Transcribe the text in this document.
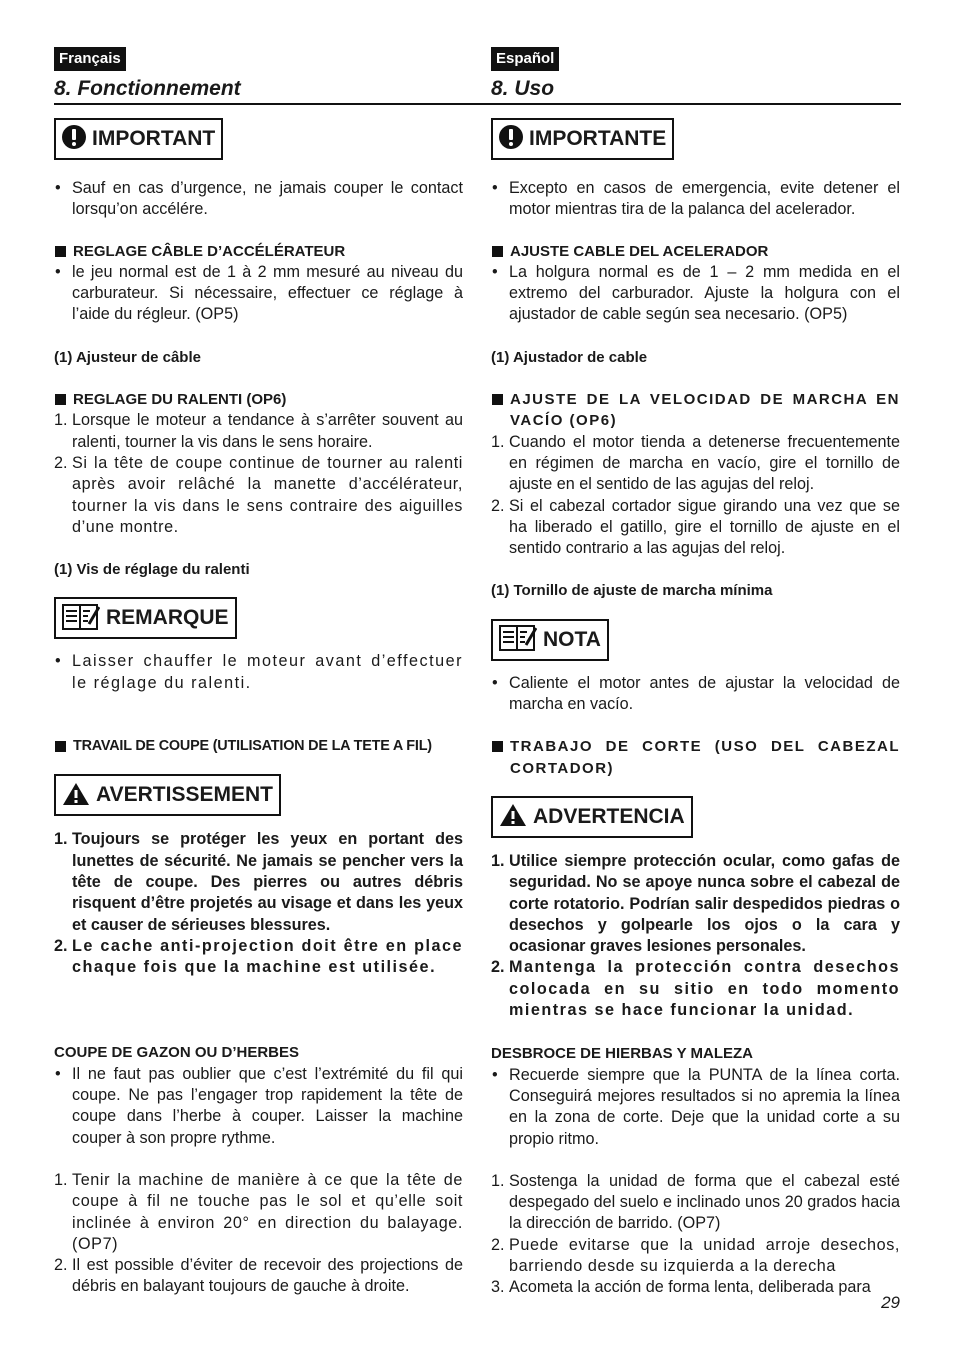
Français	Español
8. Fonctionnement	8. Uso
IMPORTANT
• Sauf en cas d’urgence, ne jamais couper le contact lorsqu’on accélére.
REGLAGE CÂBLE D’ACCÉLÉRATEUR
• le jeu normal est de 1 à 2 mm mesuré au niveau du carburateur. Si nécessaire, effectuer ce réglage à l’aide du régleur. (OP5)
(1) Ajusteur de câble
REGLAGE DU RALENTI (OP6)
1. Lorsque le moteur a tendance à s’arrêter souvent au ralenti, tourner la vis dans le sens horaire.
2. Si la tête de coupe continue de tourner au ralenti après avoir relâché la manette d’accélérateur, tourner la vis dans le sens contraire des aiguilles d’une montre.
(1) Vis de réglage du ralenti
REMARQUE
• Laisser chauffer le moteur avant d’effectuer le réglage du ralenti.
TRAVAIL DE COUPE (UTILISATION DE LA TETE A FIL)
AVERTISSEMENT
1. Toujours se protéger les yeux en portant des lunettes de sécurité. Ne jamais se pencher vers la tête de coupe. Des pierres ou autres débris risquent d’être projetés au visage et dans les yeux et causer de sérieuses blessures.
2. Le cache anti-projection doit être en place chaque fois que la machine est utilisée.
COUPE DE GAZON OU D’HERBES
• Il ne faut pas oublier que c’est l’extrémité du fil qui coupe. Ne pas l’engager trop rapidement la tête de coupe dans l’herbe à couper. Laisser la machine couper à son propre rythme.
1. Tenir la machine de manière à ce que la tête de coupe à fil ne touche pas le sol et qu’elle soit inclinée à environ 20° en direction du balayage. (OP7)
2. Il est possible d’éviter de recevoir des projections de débris en balayant toujours de gauche à droite.
IMPORTANTE
• Excepto en casos de emergencia, evite detener el motor mientras tira de la palanca del acelerador.
AJUSTE CABLE DEL ACELERADOR
• La holgura normal es de 1 – 2 mm medida en el extremo del carburador. Ajuste la holgura con el ajustador de cable según sea necesario. (OP5)
(1) Ajustador de cable
AJUSTE DE LA VELOCIDAD DE MARCHA EN VACÍO (OP6)
1. Cuando el motor tienda a detenerse frecuentemente en régimen de marcha en vacío, gire el tornillo de ajuste en el sentido de las agujas del reloj.
2. Si el cabezal cortador sigue girando una vez que se ha liberado el gatillo, gire el tornillo de ajuste en el sentido contrario a las agujas del reloj.
(1) Tornillo de ajuste de marcha mínima
NOTA
• Caliente el motor antes de ajustar la velocidad de marcha en vacío.
TRABAJO DE CORTE (USO DEL CABEZAL CORTADOR)
ADVERTENCIA
1. Utilice siempre protección ocular, como gafas de seguridad. No se apoye nunca sobre el cabezal de corte rotatorio. Podrían salir despedidos piedras o desechos y golpearle los ojos o la cara y ocasionar graves lesiones personales.
2. Mantenga la protección contra desechos colocada en su sitio en todo momento mientras se hace funcionar la unidad.
DESBROCE DE HIERBAS Y MALEZA
• Recuerde siempre que la PUNTA de la línea corta. Conseguirá mejores resultados si no apremia la línea en la zona de corte. Deje que la unidad corte a su propio ritmo.
1. Sostenga la unidad de forma que el cabezal esté despegado del suelo e inclinado unos 20 grados hacia la dirección de barrido. (OP7)
2. Puede evitarse que la unidad arroje desechos, barriendo desde su izquierda a la derecha
3. Acometa la acción de forma lenta, deliberada para
29
